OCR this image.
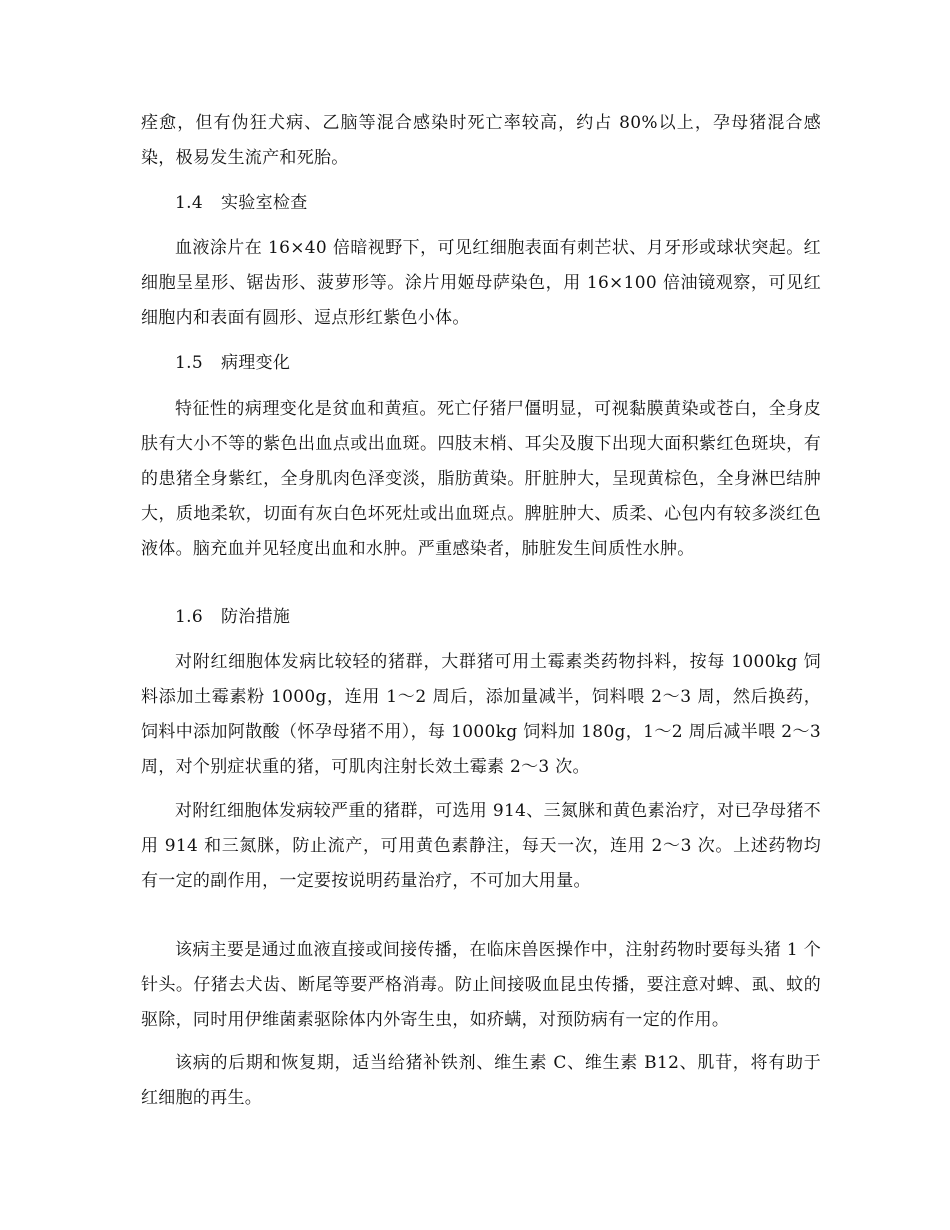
痊愈，但有伪狂犬病、乙脑等混合感染时死亡率较高，约占 80%以上，孕母猪混合感染，极易发生流产和死胎。

1.4 实验室检查

血液涂片在 16×40 倍暗视野下，可见红细胞表面有刺芒状、月牙形或球状突起。红细胞呈星形、锯齿形、菠萝形等。涂片用姬母萨染色，用 16×100 倍油镜观察，可见红细胞内和表面有圆形、逗点形红紫色小体。

1.5 病理变化

特征性的病理变化是贫血和黄疸。死亡仔猪尸僵明显，可视黏膜黄染或苍白，全身皮肤有大小不等的紫色出血点或出血斑。四肢末梢、耳尖及腹下出现大面积紫红色斑块，有的患猪全身紫红，全身肌肉色泽变淡，脂肪黄染。肝脏肿大，呈现黄棕色，全身淋巴结肿大，质地柔软，切面有灰白色坏死灶或出血斑点。脾脏肿大、质柔、心包内有较多淡红色液体。脑充血并见轻度出血和水肿。严重感染者，肺脏发生间质性水肿。

1.6 防治措施

对附红细胞体发病比较轻的猪群，大群猪可用土霉素类药物抖料，按每 1000kg 饲料添加土霉素粉 1000g，连用 1～2 周后，添加量减半，饲料喂 2～3 周，然后换药，饲料中添加阿散酸（怀孕母猪不用），每 1000kg 饲料加 180g，1～2 周后减半喂 2～3 周，对个别症状重的猪，可肌肉注射长效土霉素 2～3 次。

对附红细胞体发病较严重的猪群，可选用 914、三氮脒和黄色素治疗，对已孕母猪不用 914 和三氮脒，防止流产，可用黄色素静注，每天一次，连用 2～3 次。上述药物均有一定的副作用，一定要按说明药量治疗，不可加大用量。

该病主要是通过血液直接或间接传播，在临床兽医操作中，注射药物时要每头猪 1 个针头。仔猪去犬齿、断尾等要严格消毒。防止间接吸血昆虫传播，要注意对蜱、虱、蚊的驱除，同时用伊维菌素驱除体内外寄生虫，如疥螨，对预防病有一定的作用。

该病的后期和恢复期，适当给猪补铁剂、维生素 C、维生素 B12、肌苷，将有助于红细胞的再生。
